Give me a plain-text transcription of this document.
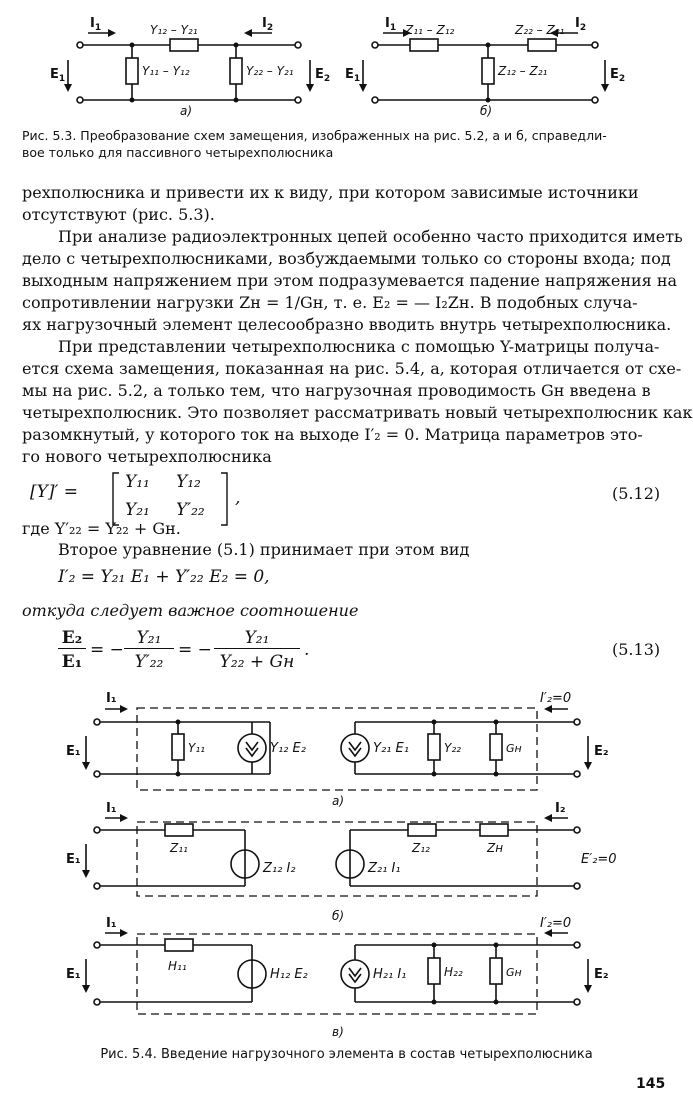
$I_1$	$I_2$
Y₁₂ – Y₂₁
Y₁₁ – Y₁₂	Y₂₂ – Y₂₁
$E_1$	$E_2$
а)
$I_1$	$I_2$
Z₁₁ – Z₁₂	Z₂₂ – Z₂₁
Z₁₂ – Z₂₁
$E_1$	$E_2$
б)
Рис. 5.3. Преобразование схем замещения, изображенных на рис. 5.2, а и б, справедли-
вое только для пассивного четырехполюсника
рехполюсника и привести их к виду, при котором зависимые источники
отсутствуют (рис. 5.3).
При анализе радиоэлектронных цепей особенно часто приходится иметь
дело с четырехполюсниками, возбуждаемыми только со стороны входа; под
выходным напряжением при этом подразумевается падение напряжения на
сопротивлении нагрузки Zн = 1/Gн, т. е. E₂ = — I₂Zн. В подобных случа-
ях нагрузочный элемент целесообразно вводить внутрь четырехполюсника.
При представлении четырехполюсника с помощью Y-матрицы получа-
ется схема замещения, показанная на рис. 5.4, а, которая отличается от схе-
мы на рис. 5.2, а только тем, что нагрузочная проводимость Gн введена в
четырехполюсник. Это позволяет рассматривать новый четырехполюсник как
разомкнутый, у которого ток на выходе I′₂ = 0. Матрица параметров это-
го нового четырехполюсника
[Y]′ =	Y₁₁ Y₁₂
Y₂₁ Y′₂₂
,	(5.12)
где Y′₂₂ = Y₂₂ + Gн.
Второе уравнение (5.1) принимает при этом вид
I′₂ = Y₂₁ E₁ + Y′₂₂ E₂ = 0,
откуда следует важное соотношение
E₂
E₁
= −
Y₂₁
Y′₂₂
= −
Y₂₁
Y₂₂ + Gн
.	(5.13)
I₁	I′₂=0
E₁	E₂
Y₁₁	Y₁₂ E₂	Y₂₁ E₁	Y₂₂	Gн
а)
I₁	I₂
E₁	E′₂=0
Z₁₁
Z₁₂ I₂	Z₂₁ I₁
Z₁₂	Zн
б)
I₁	I′₂=0
E₁	E₂
H₁₁
H₁₂ E₂	H₂₁ I₁	H₂₂	Gн
в)
Рис. 5.4. Введение нагрузочного элемента в состав четырехполюсника
145
